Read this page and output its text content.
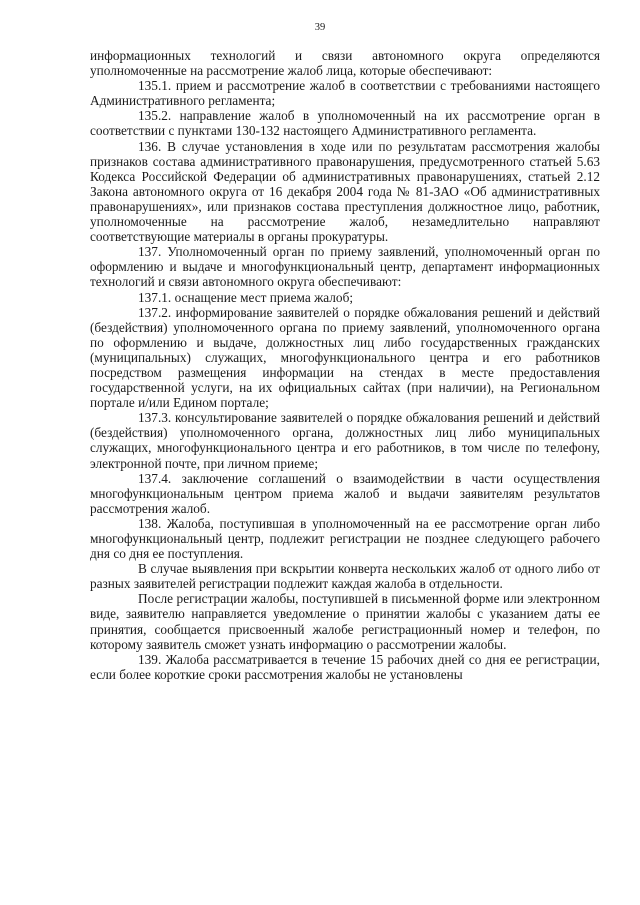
39

информационных технологий и связи автономного округа определяются уполномоченные на рассмотрение жалоб лица, которые обеспечивают:

135.1. прием и рассмотрение жалоб в соответствии с требованиями настоящего Административного регламента;

135.2. направление жалоб в уполномоченный на их рассмотрение орган в соответствии с пунктами 130-132 настоящего Административного регламента.

136. В случае установления в ходе или по результатам рассмотрения жалобы признаков состава административного правонарушения, предусмотренного статьей 5.63 Кодекса Российской Федерации об административных правонарушениях, статьей 2.12 Закона автономного округа от 16 декабря 2004 года № 81-ЗАО «Об административных правонарушениях», или признаков состава преступления должностное лицо, работник, уполномоченные на рассмотрение жалоб, незамедлительно направляют соответствующие материалы в органы прокуратуры.

137. Уполномоченный орган по приему заявлений, уполномоченный орган по оформлению и выдаче и многофункциональный центр, департамент информационных технологий и связи автономного округа обеспечивают:

137.1. оснащение мест приема жалоб;

137.2. информирование заявителей о порядке обжалования решений и действий (бездействия) уполномоченного органа по приему заявлений, уполномоченного органа по оформлению и выдаче, должностных лиц либо государственных гражданских (муниципальных) служащих, многофункционального центра и его работников посредством размещения информации на стендах в месте предоставления государственной услуги, на их официальных сайтах (при наличии), на Региональном портале и/или Едином портале;

137.3. консультирование заявителей о порядке обжалования решений и действий (бездействия) уполномоченного органа, должностных лиц либо муниципальных служащих, многофункционального центра и его работников, в том числе по телефону, электронной почте, при личном приеме;

137.4. заключение соглашений о взаимодействии в части осуществления многофункциональным центром приема жалоб и выдачи заявителям результатов рассмотрения жалоб.

138. Жалоба, поступившая в уполномоченный на ее рассмотрение орган либо многофункциональный центр, подлежит регистрации не позднее следующего рабочего дня со дня ее поступления.

В случае выявления при вскрытии конверта нескольких жалоб от одного либо от разных заявителей регистрации подлежит каждая жалоба в отдельности.

После регистрации жалобы, поступившей в письменной форме или электронном виде, заявителю направляется уведомление о принятии жалобы с указанием даты ее принятия, сообщается присвоенный жалобе регистрационный номер и телефон, по которому заявитель сможет узнать информацию о рассмотрении жалобы.

139. Жалоба рассматривается в течение 15 рабочих дней со дня ее регистрации, если более короткие сроки рассмотрения жалобы не установлены
